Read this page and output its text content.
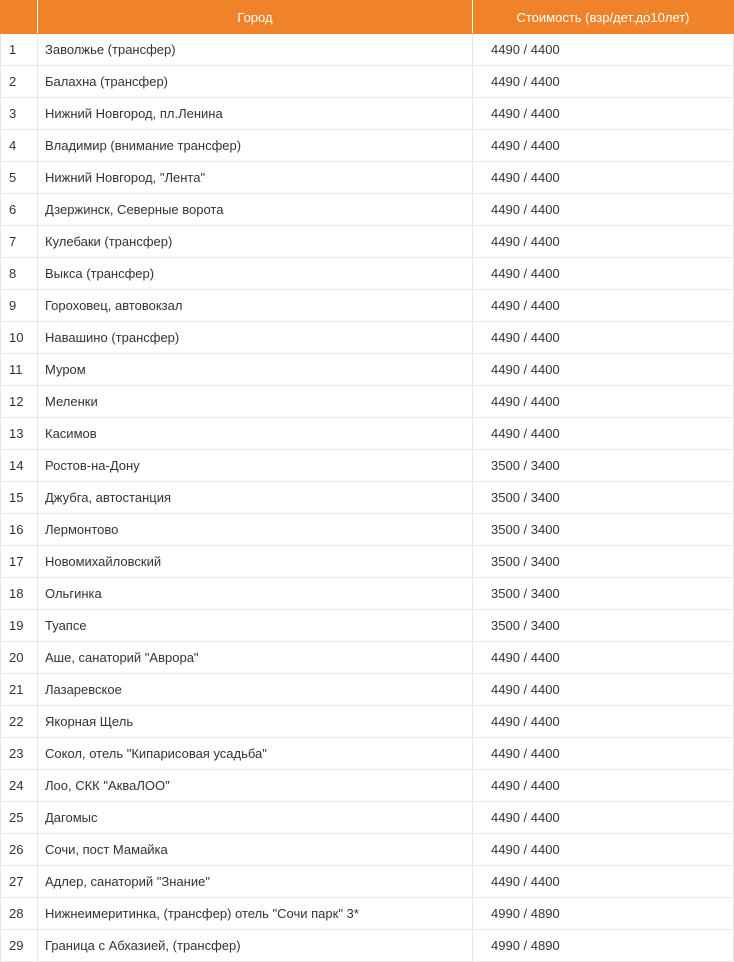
	Город	Стоимость (взр/дет.до10лет)
1	Заволжье (трансфер)	4490 / 4400
2	Балахна (трансфер)	4490 / 4400
3	Нижний Новгород, пл.Ленина	4490 / 4400
4	Владимир (внимание трансфер)	4490 / 4400
5	Нижний Новгород, "Лента"	4490 / 4400
6	Дзержинск, Северные ворота	4490 / 4400
7	Кулебаки (трансфер)	4490 / 4400
8	Выкса (трансфер)	4490 / 4400
9	Гороховец, автовокзал	4490 / 4400
10	Навашино (трансфер)	4490 / 4400
11	Муром	4490 / 4400
12	Меленки	4490 / 4400
13	Касимов	4490 / 4400
14	Ростов-на-Дону	3500 / 3400
15	Джубга, автостанция	3500 / 3400
16	Лермонтово	3500 / 3400
17	Новомихайловский	3500 / 3400
18	Ольгинка	3500 / 3400
19	Туапсе	3500 / 3400
20	Аше, санаторий "Аврора"	4490 / 4400
21	Лазаревское	4490 / 4400
22	Якорная Щель	4490 / 4400
23	Сокол, отель "Кипарисовая усадьба"	4490 / 4400
24	Лоо, СКК "АкваЛОО"	4490 / 4400
25	Дагомыс	4490 / 4400
26	Сочи, пост Мамайка	4490 / 4400
27	Адлер, санаторий "Знание"	4490 / 4400
28	Нижнеимеритинка, (трансфер) отель "Сочи парк" 3*	4990 / 4890
29	Граница с Абхазией, (трансфер)	4990 / 4890
